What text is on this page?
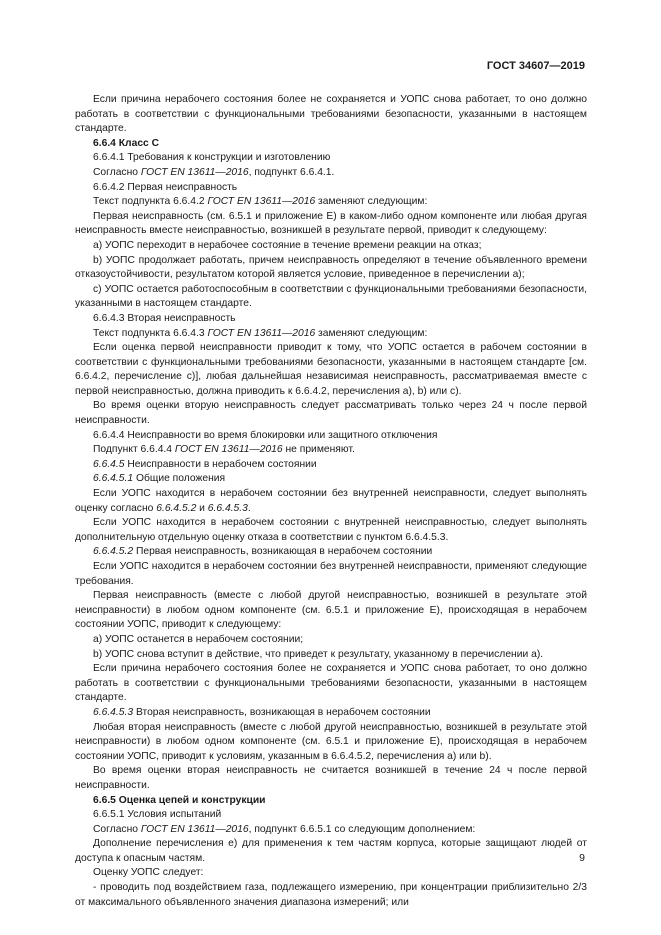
ГОСТ 34607—2019
Если причина нерабочего состояния более не сохраняется и УОПС снова работает, то оно должно работать в соответствии с функциональными требованиями безопасности, указанными в настоящем стандарте.
6.6.4 Класс С
6.6.4.1 Требования к конструкции и изготовлению
Согласно ГОСТ EN 13611—2016, подпункт 6.6.4.1.
6.6.4.2 Первая неисправность
Текст подпункта 6.6.4.2 ГОСТ EN 13611—2016 заменяют следующим:
Первая неисправность (см. 6.5.1 и приложение Е) в каком-либо одном компоненте или любая другая неисправность вместе неисправностью, возникшей в результате первой, приводит к следующему:
a) УОПС переходит в нерабочее состояние в течение времени реакции на отказ;
b) УОПС продолжает работать, причем неисправность определяют в течение объявленного времени отказоустойчивости, результатом которой является условие, приведенное в перечислении а);
c) УОПС остается работоспособным в соответствии с функциональными требованиями безопасности, указанными в настоящем стандарте.
6.6.4.3 Вторая неисправность
Текст подпункта 6.6.4.3 ГОСТ EN 13611—2016 заменяют следующим:
Если оценка первой неисправности приводит к тому, что УОПС остается в рабочем состоянии в соответствии с функциональными требованиями безопасности, указанными в настоящем стандарте [см. 6.6.4.2, перечисление с)], любая дальнейшая независимая неисправность, рассматриваемая вместе с первой неисправностью, должна приводить к 6.6.4.2, перечисления а), b) или с).
Во время оценки вторую неисправность следует рассматривать только через 24 ч после первой неисправности.
6.6.4.4 Неисправности во время блокировки или защитного отключения
Подпункт 6.6.4.4 ГОСТ EN 13611—2016 не применяют.
6.6.4.5 Неисправности в нерабочем состоянии
6.6.4.5.1 Общие положения
Если УОПС находится в нерабочем состоянии без внутренней неисправности, следует выполнять оценку согласно 6.6.4.5.2 и 6.6.4.5.3.
Если УОПС находится в нерабочем состоянии с внутренней неисправностью, следует выполнять дополнительную отдельную оценку отказа в соответствии с пунктом 6.6.4.5.3.
6.6.4.5.2 Первая неисправность, возникающая в нерабочем состоянии
Если УОПС находится в нерабочем состоянии без внутренней неисправности, применяют следующие требования.
Первая неисправность (вместе с любой другой неисправностью, возникшей в результате этой неисправности) в любом одном компоненте (см. 6.5.1 и приложение Е), происходящая в нерабочем состоянии УОПС, приводит к следующему:
a) УОПС останется в нерабочем состоянии;
b) УОПС снова вступит в действие, что приведет к результату, указанному в перечислении а).
Если причина нерабочего состояния более не сохраняется и УОПС снова работает, то оно должно работать в соответствии с функциональными требованиями безопасности, указанными в настоящем стандарте.
6.6.4.5.3 Вторая неисправность, возникающая в нерабочем состоянии
Любая вторая неисправность (вместе с любой другой неисправностью, возникшей в результате этой неисправности) в любом одном компоненте (см. 6.5.1 и приложение Е), происходящая в нерабочем состоянии УОПС, приводит к условиям, указанным в 6.6.4.5.2, перечисления а) или b).
Во время оценки вторая неисправность не считается возникшей в течение 24 ч после первой неисправности.
6.6.5 Оценка цепей и конструкции
6.6.5.1 Условия испытаний
Согласно ГОСТ EN 13611—2016, подпункт 6.6.5.1 со следующим дополнением:
Дополнение перечисления е) для применения к тем частям корпуса, которые защищают людей от доступа к опасным частям.
Оценку УОПС следует:
- проводить под воздействием газа, подлежащего измерению, при концентрации приблизительно 2/3 от максимального объявленного значения диапазона измерений; или
9
